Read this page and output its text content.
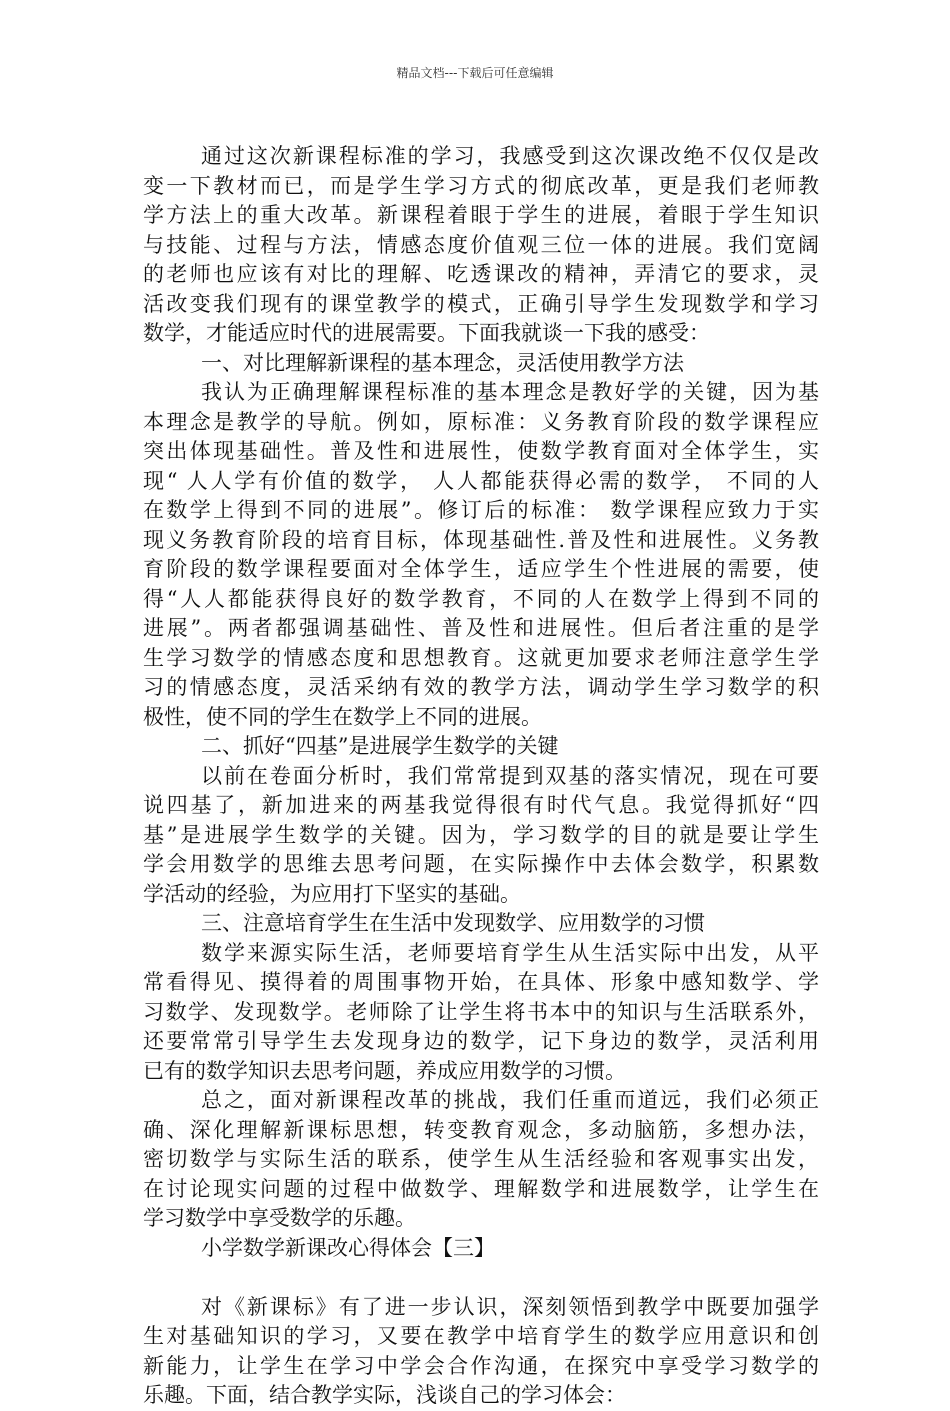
精品文档---下载后可任意编辑
通过这次新课程标准的学习，我感受到这次课改绝不仅仅是改
变一下教材而已，而是学生学习方式的彻底改革，更是我们老师教
学方法上的重大改革。新课程着眼于学生的进展，着眼于学生知识
与技能、过程与方法，情感态度价值观三位一体的进展。我们宽阔
的老师也应该有对比的理解、吃透课改的精神，弄清它的要求，灵
活改变我们现有的课堂教学的模式，正确引导学生发现数学和学习
数学，才能适应时代的进展需要。下面我就谈一下我的感受：
一、对比理解新课程的基本理念，灵活使用教学方法
我认为正确理解课程标准的基本理念是教好学的关键，因为基
本理念是教学的导航。例如，原标准：义务教育阶段的数学课程应
突出体现基础性。普及性和进展性，使数学教育面对全体学生，实
现“ 人人学有价值的数学， 人人都能获得必需的数学， 不同的人
在数学上得到不同的进展”。修订后的标准： 数学课程应致力于实
现义务教育阶段的培育目标，体现基础性.普及性和进展性。义务教
育阶段的数学课程要面对全体学生，适应学生个性进展的需要，使
得“人人都能获得良好的数学教育，不同的人在数学上得到不同的
进展”。两者都强调基础性、普及性和进展性。但后者注重的是学
生学习数学的情感态度和思想教育。这就更加要求老师注意学生学
习的情感态度，灵活采纳有效的教学方法，调动学生学习数学的积
极性，使不同的学生在数学上不同的进展。
二、抓好“四基”是进展学生数学的关键
以前在卷面分析时，我们常常提到双基的落实情况，现在可要
说四基了，新加进来的两基我觉得很有时代气息。我觉得抓好“四
基”是进展学生数学的关键。因为，学习数学的目的就是要让学生
学会用数学的思维去思考问题，在实际操作中去体会数学，积累数
学活动的经验，为应用打下坚实的基础。
三、注意培育学生在生活中发现数学、应用数学的习惯
数学来源实际生活，老师要培育学生从生活实际中出发，从平
常看得见、摸得着的周围事物开始，在具体、形象中感知数学、学
习数学、发现数学。老师除了让学生将书本中的知识与生活联系外，
还要常常引导学生去发现身边的数学，记下身边的数学，灵活利用
已有的数学知识去思考问题，养成应用数学的习惯。
总之，面对新课程改革的挑战，我们任重而道远，我们必须正
确、深化理解新课标思想，转变教育观念，多动脑筋，多想办法，
密切数学与实际生活的联系，使学生从生活经验和客观事实出发，
在讨论现实问题的过程中做数学、理解数学和进展数学，让学生在
学习数学中享受数学的乐趣。
小学数学新课改心得体会【三】
对《新课标》有了进一步认识，深刻领悟到教学中既要加强学
生对基础知识的学习，又要在教学中培育学生的数学应用意识和创
新能力，让学生在学习中学会合作沟通，在探究中享受学习数学的
乐趣。下面，结合教学实际，浅谈自己的学习体会：
